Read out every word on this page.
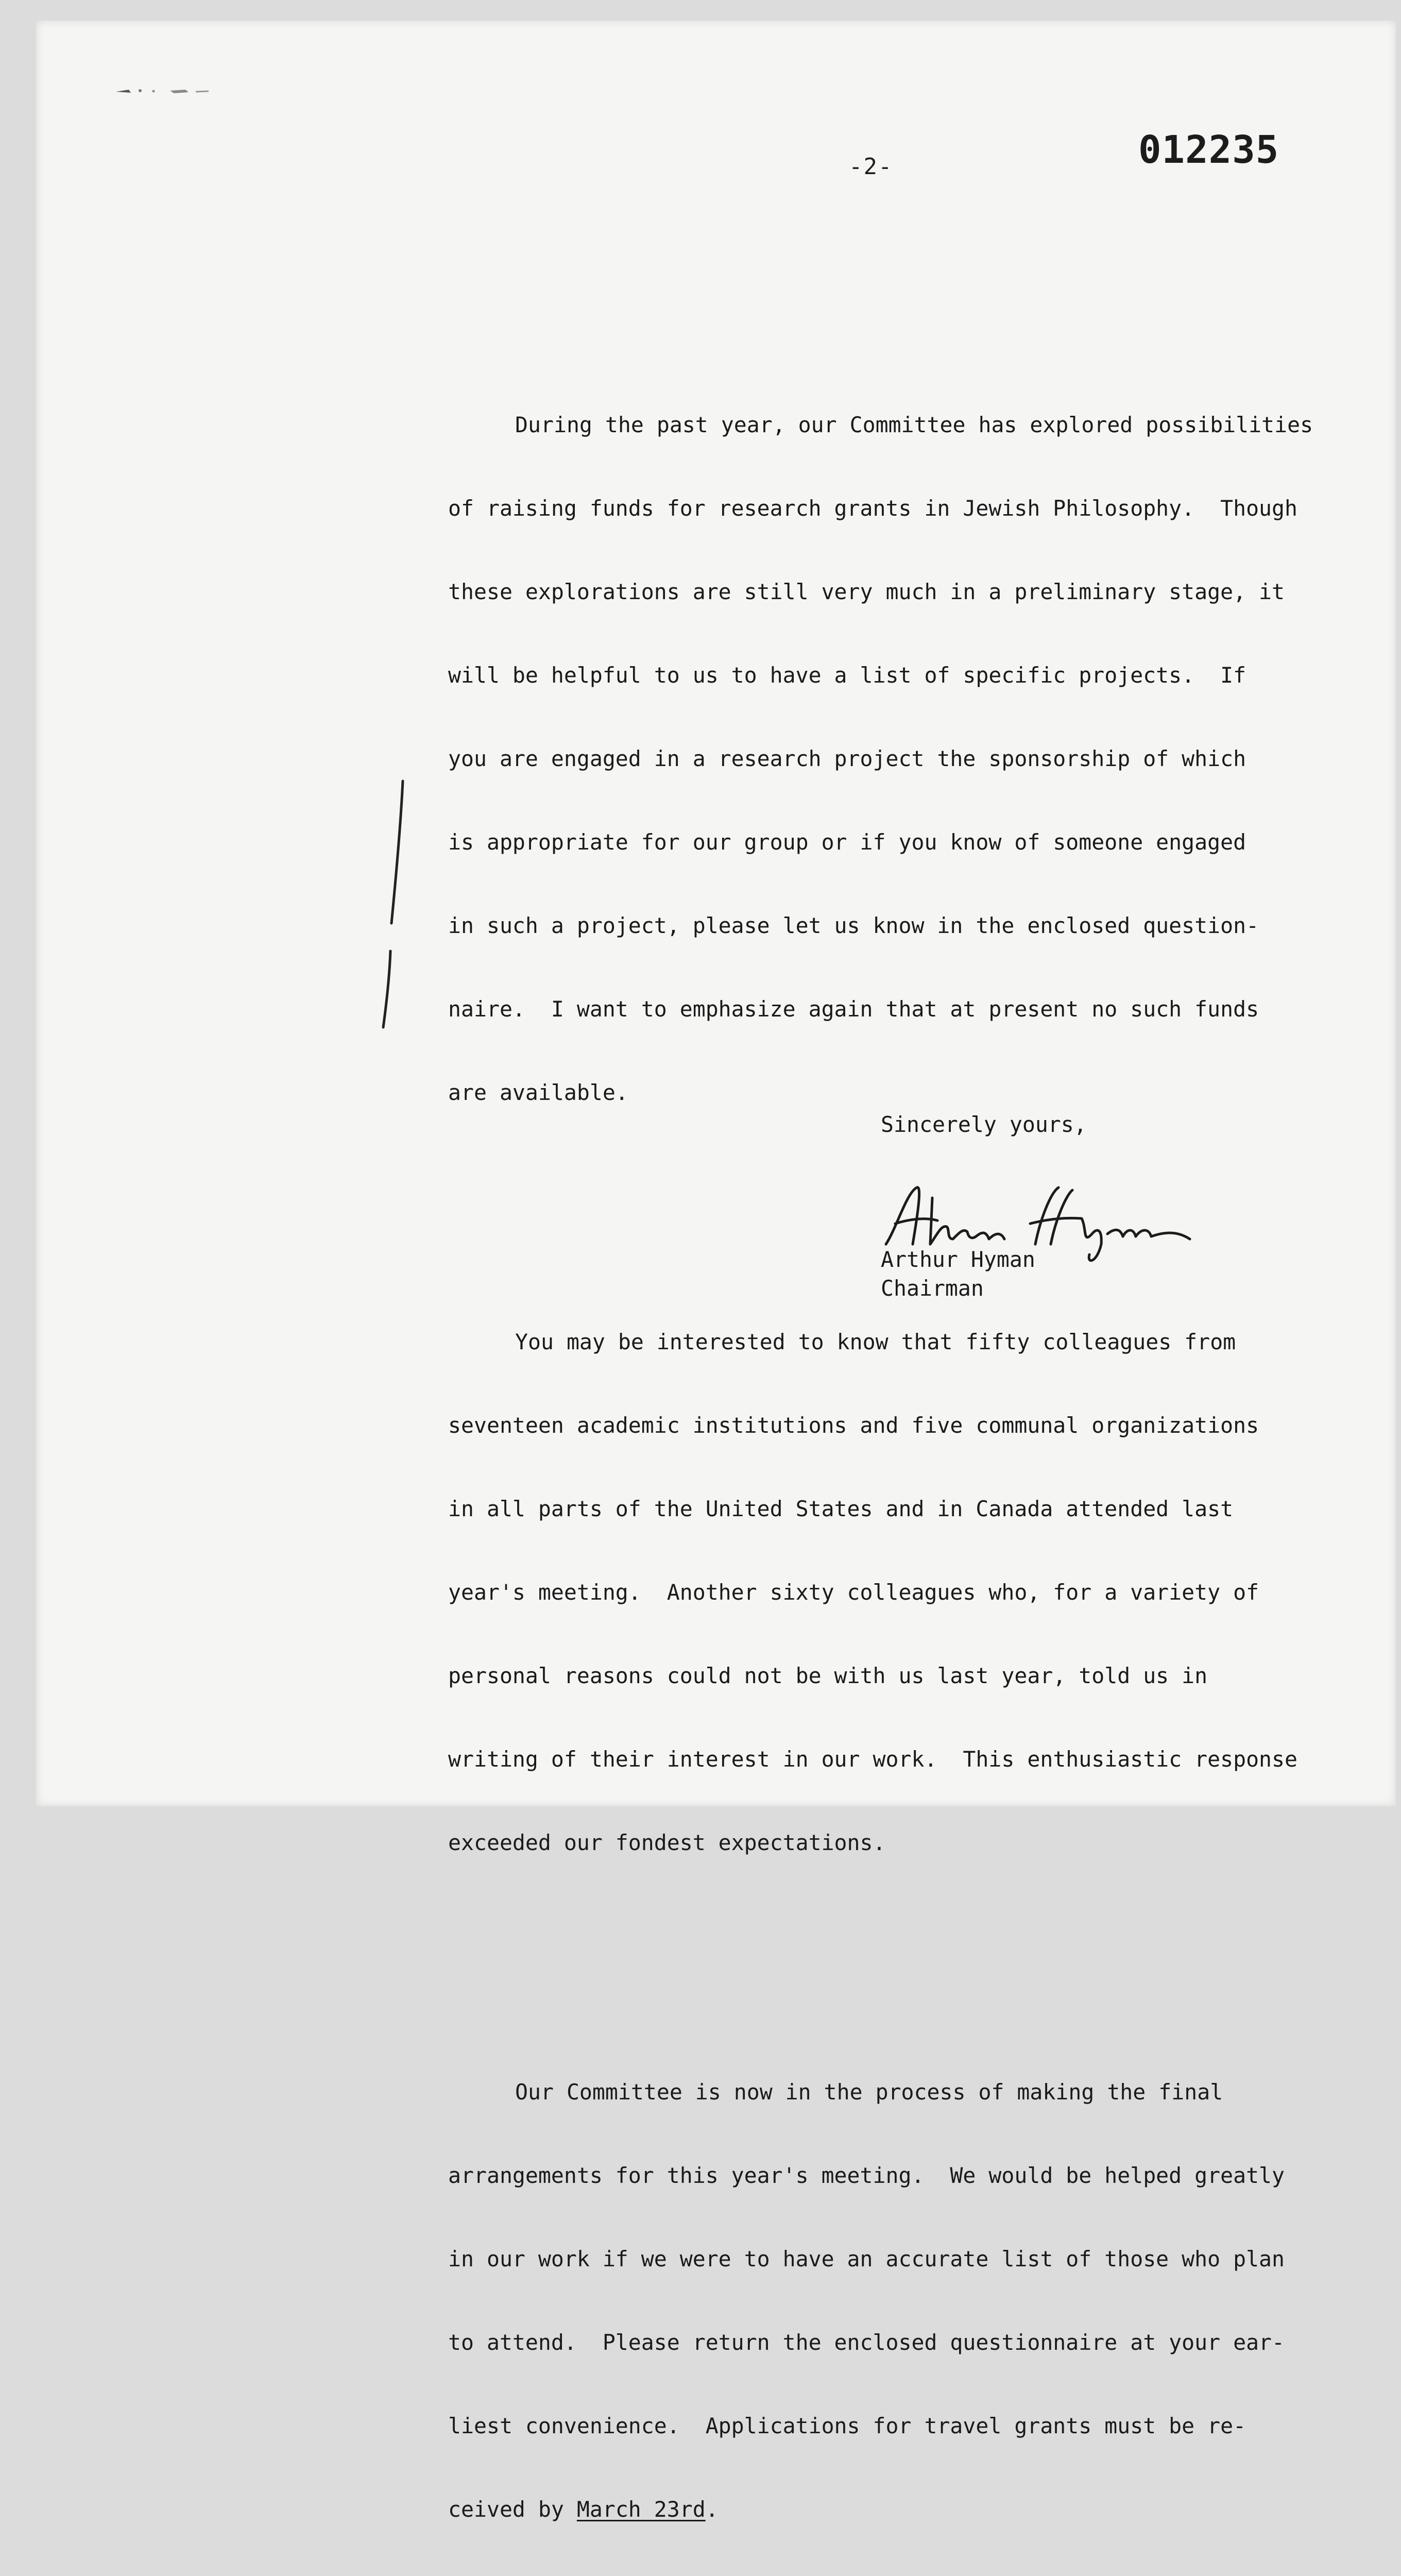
-2-	012235

During the past year, our Committee has explored possibilities

of raising funds for research grants in Jewish Philosophy.  Though

these explorations are still very much in a preliminary stage, it

will be helpful to us to have a list of specific projects.  If

you are engaged in a research project the sponsorship of which

is appropriate for our group or if you know of someone engaged

in such a project, please let us know in the enclosed question-

naire.  I want to emphasize again that at present no such funds

are available.

You may be interested to know that fifty colleagues from

seventeen academic institutions and five communal organizations

in all parts of the United States and in Canada attended last

year's meeting.  Another sixty colleagues who, for a variety of

personal reasons could not be with us last year, told us in

writing of their interest in our work.  This enthusiastic response

exceeded our fondest expectations.

Our Committee is now in the process of making the final

arrangements for this year's meeting.  We would be helped greatly

in our work if we were to have an accurate list of those who plan

to attend.  Please return the enclosed questionnaire at your ear-

liest convenience.  Applications for travel grants must be re-

ceived by March 23rd.

Sincerely yours,
Arthur Hyman
Chairman
